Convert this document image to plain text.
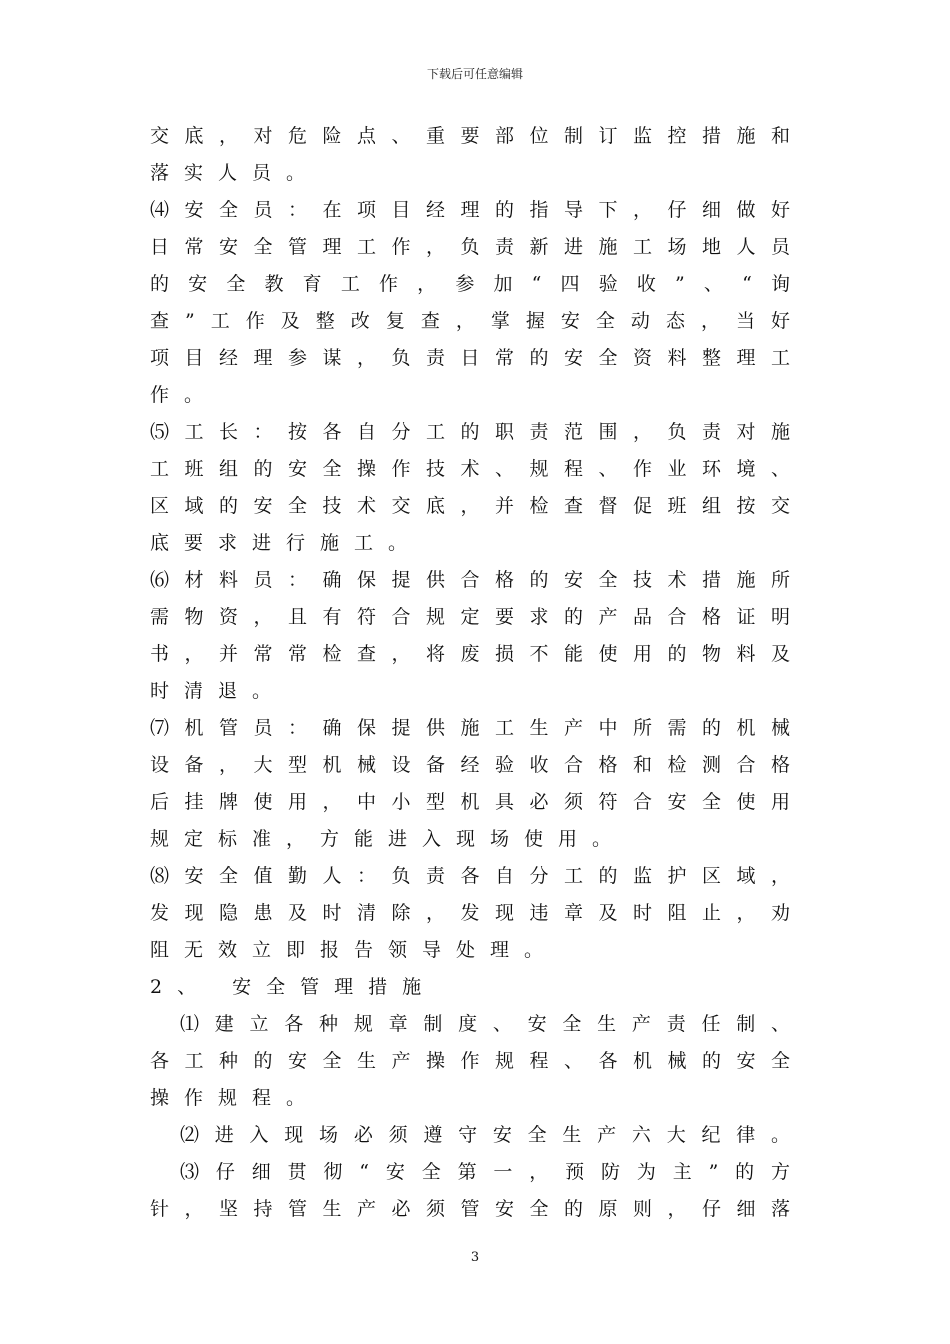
下载后可任意编辑
交底，对危险点、重要部位制订监控措施和
落实人员。
⑷安全员：在项目经理的指导下，仔细做好
日常安全管理工作，负责新进施工场地人员
的安全教育工作，参加“四验收”、“询
查”工作及整改复查，掌握安全动态，当好
项目经理参谋，负责日常的安全资料整理工
作。
⑸工长：按各自分工的职责范围，负责对施
工班组的安全操作技术、规程、作业环境、
区域的安全技术交底，并检查督促班组按交
底要求进行施工。
⑹材料员：确保提供合格的安全技术措施所
需物资，且有符合规定要求的产品合格证明
书，并常常检查，将废损不能使用的物料及
时清退。
⑺机管员：确保提供施工生产中所需的机械
设备，大型机械设备经验收合格和检测合格
后挂牌使用，中小型机具必须符合安全使用
规定标准，方能进入现场使用。
⑻安全值勤人：负责各自分工的监护区域，
发现隐患及时清除，发现违章及时阻止，劝
阻无效立即报告领导处理。
2、 安全管理措施
⑴建立各种规章制度、安全生产责任制、
各工种的安全生产操作规程、各机械的安全
操作规程。
⑵进入现场必须遵守安全生产六大纪律。
⑶仔细贯彻“安全第一，预防为主”的方
针，坚持管生产必须管安全的原则，仔细落
3
